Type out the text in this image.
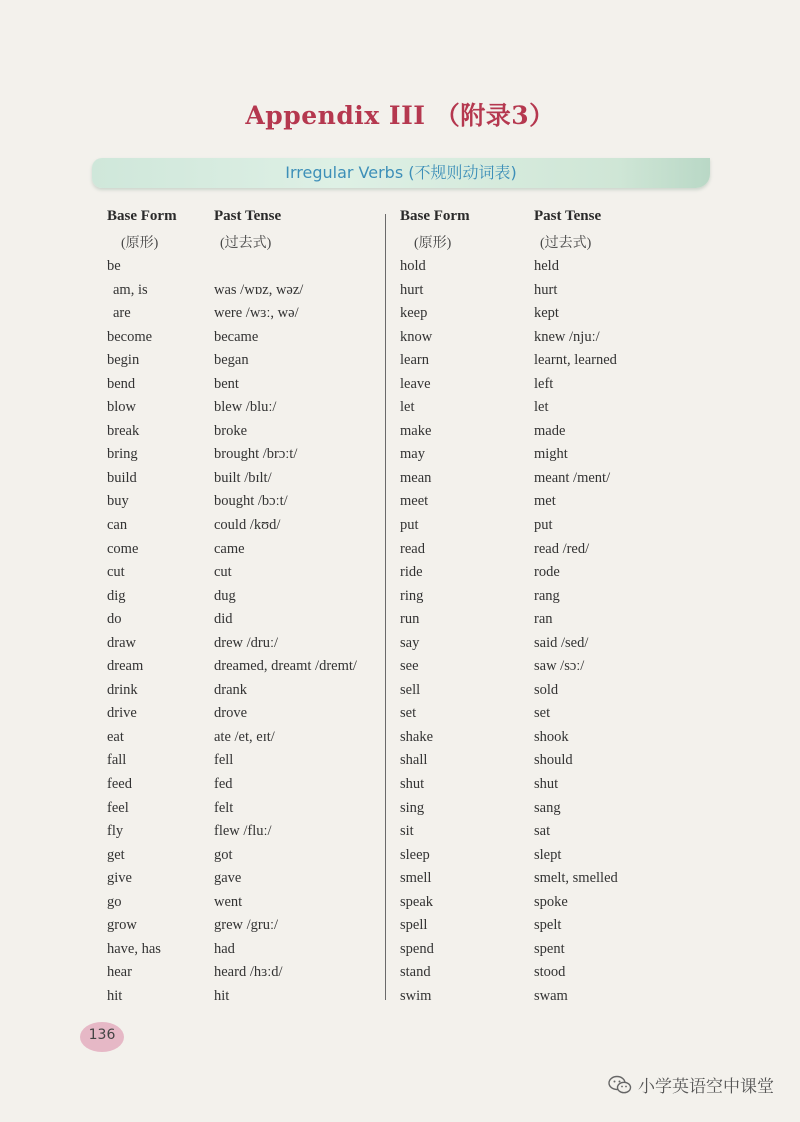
Appendix III （附录3）
Irregular Verbs (不规则动词表)
Base Form	Past Tense
(原形)	(过去式)
be
am, is	was /wɒz, wəz/
are	were /wɜː, wə/
become	became
begin	began
bend	bent
blow	blew /bluː/
break	broke
bring	brought /brɔːt/
build	built /bɪlt/
buy	bought /bɔːt/
can	could /kʊd/
come	came
cut	cut
dig	dug
do	did
draw	drew /druː/
dream	dreamed, dreamt /dremt/
drink	drank
drive	drove
eat	ate /et, eɪt/
fall	fell
feed	fed
feel	felt
fly	flew /fluː/
get	got
give	gave
go	went
grow	grew /gruː/
have, has	had
hear	heard /hɜːd/
hit	hit
Base Form	Past Tense
(原形)	(过去式)
hold	held
hurt	hurt
keep	kept
know	knew /njuː/
learn	learnt, learned
leave	left
let	let
make	made
may	might
mean	meant /ment/
meet	met
put	put
read	read /red/
ride	rode
ring	rang
run	ran
say	said /sed/
see	saw /sɔː/
sell	sold
set	set
shake	shook
shall	should
shut	shut
sing	sang
sit	sat
sleep	slept
smell	smelt, smelled
speak	spoke
spell	spelt
spend	spent
stand	stood
swim	swam
136
小学英语空中课堂
